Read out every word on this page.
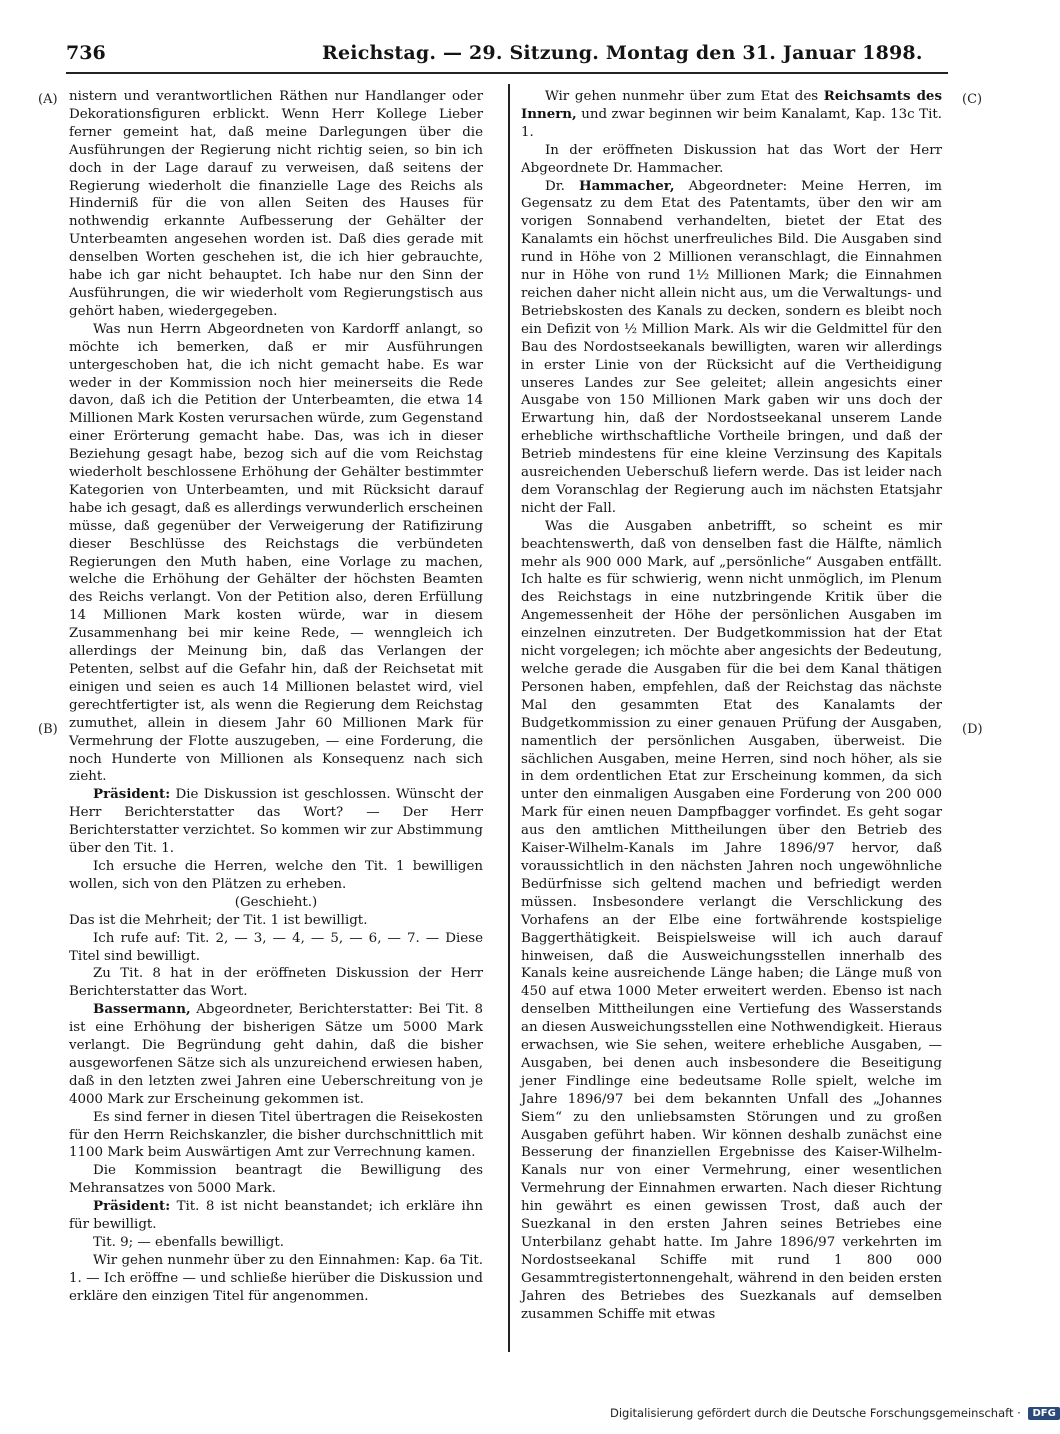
736	Reichstag. — 29. Sitzung. Montag den 31. Januar 1898.
(A)
(B)
(C)
(D)

nistern und verantwortlichen Räthen nur Handlanger oder Dekorationsfiguren erblickt. Wenn Herr Kollege Lieber ferner gemeint hat, daß meine Darlegungen über die Ausführungen der Regierung nicht richtig seien, so bin ich doch in der Lage darauf zu verweisen, daß seitens der Regierung wiederholt die finanzielle Lage des Reichs als Hinderniß für die von allen Seiten des Hauses für nothwendig erkannte Aufbesserung der Gehälter der Unterbeamten angesehen worden ist. Daß dies gerade mit denselben Worten geschehen ist, die ich hier gebrauchte, habe ich gar nicht behauptet. Ich habe nur den Sinn der Ausführungen, die wir wiederholt vom Regierungstisch aus gehört haben, wiedergegeben.

Was nun Herrn Abgeordneten von Kardorff anlangt, so möchte ich bemerken, daß er mir Ausführungen untergeschoben hat, die ich nicht gemacht habe. Es war weder in der Kommission noch hier meinerseits die Rede davon, daß ich die Petition der Unterbeamten, die etwa 14 Millionen Mark Kosten verursachen würde, zum Gegenstand einer Erörterung gemacht habe. Das, was ich in dieser Beziehung gesagt habe, bezog sich auf die vom Reichstag wiederholt beschlossene Erhöhung der Gehälter bestimmter Kategorien von Unterbeamten, und mit Rücksicht darauf habe ich gesagt, daß es allerdings verwunderlich erscheinen müsse, daß gegenüber der Verweigerung der Ratifizirung dieser Beschlüsse des Reichstags die verbündeten Regierungen den Muth haben, eine Vorlage zu machen, welche die Erhöhung der Gehälter der höchsten Beamten des Reichs verlangt. Von der Petition also, deren Erfüllung 14 Millionen Mark kosten würde, war in diesem Zusammenhang bei mir keine Rede, — wenngleich ich allerdings der Meinung bin, daß das Verlangen der Petenten, selbst auf die Gefahr hin, daß der Reichsetat mit einigen und seien es auch 14 Millionen belastet wird, viel gerechtfertigter ist, als wenn die Regierung dem Reichstag zumuthet, allein in diesem Jahr 60 Millionen Mark für Vermehrung der Flotte auszugeben, — eine Forderung, die noch Hunderte von Millionen als Konsequenz nach sich zieht.

Präsident: Die Diskussion ist geschlossen. Wünscht der Herr Berichterstatter das Wort? — Der Herr Berichterstatter verzichtet. So kommen wir zur Abstimmung über den Tit. 1.

Ich ersuche die Herren, welche den Tit. 1 bewilligen wollen, sich von den Plätzen zu erheben.

(Geschieht.)

Das ist die Mehrheit; der Tit. 1 ist bewilligt.

Ich rufe auf: Tit. 2, — 3, — 4, — 5, — 6, — 7. — Diese Titel sind bewilligt.

Zu Tit. 8 hat in der eröffneten Diskussion der Herr Berichterstatter das Wort.

Bassermann, Abgeordneter, Berichterstatter: Bei Tit. 8 ist eine Erhöhung der bisherigen Sätze um 5000 Mark verlangt. Die Begründung geht dahin, daß die bisher ausgeworfenen Sätze sich als unzureichend erwiesen haben, daß in den letzten zwei Jahren eine Ueberschreitung von je 4000 Mark zur Erscheinung gekommen ist.

Es sind ferner in diesen Titel übertragen die Reisekosten für den Herrn Reichskanzler, die bisher durchschnittlich mit 1100 Mark beim Auswärtigen Amt zur Verrechnung kamen.

Die Kommission beantragt die Bewilligung des Mehransatzes von 5000 Mark.

Präsident: Tit. 8 ist nicht beanstandet; ich erkläre ihn für bewilligt.

Tit. 9; — ebenfalls bewilligt.

Wir gehen nunmehr über zu den Einnahmen: Kap. 6a Tit. 1. — Ich eröffne — und schließe hierüber die Diskussion und erkläre den einzigen Titel für angenommen.

Wir gehen nunmehr über zum Etat des Reichsamts des Innern, und zwar beginnen wir beim Kanalamt, Kap. 13c Tit. 1.

In der eröffneten Diskussion hat das Wort der Herr Abgeordnete Dr. Hammacher.

Dr. Hammacher, Abgeordneter: Meine Herren, im Gegensatz zu dem Etat des Patentamts, über den wir am vorigen Sonnabend verhandelten, bietet der Etat des Kanalamts ein höchst unerfreuliches Bild. Die Ausgaben sind rund in Höhe von 2 Millionen veranschlagt, die Einnahmen nur in Höhe von rund 1½ Millionen Mark; die Einnahmen reichen daher nicht allein nicht aus, um die Verwaltungs- und Betriebskosten des Kanals zu decken, sondern es bleibt noch ein Defizit von ½ Million Mark. Als wir die Geldmittel für den Bau des Nordostseekanals bewilligten, waren wir allerdings in erster Linie von der Rücksicht auf die Vertheidigung unseres Landes zur See geleitet; allein angesichts einer Ausgabe von 150 Millionen Mark gaben wir uns doch der Erwartung hin, daß der Nordostseekanal unserem Lande erhebliche wirthschaftliche Vortheile bringen, und daß der Betrieb mindestens für eine kleine Verzinsung des Kapitals ausreichenden Ueberschuß liefern werde. Das ist leider nach dem Voranschlag der Regierung auch im nächsten Etatsjahr nicht der Fall.

Was die Ausgaben anbetrifft, so scheint es mir beachtenswerth, daß von denselben fast die Hälfte, nämlich mehr als 900 000 Mark, auf „persönliche“ Ausgaben entfällt. Ich halte es für schwierig, wenn nicht unmöglich, im Plenum des Reichstags in eine nutzbringende Kritik über die Angemessenheit der Höhe der persönlichen Ausgaben im einzelnen einzutreten. Der Budgetkommission hat der Etat nicht vorgelegen; ich möchte aber angesichts der Bedeutung, welche gerade die Ausgaben für die bei dem Kanal thätigen Personen haben, empfehlen, daß der Reichstag das nächste Mal den gesammten Etat des Kanalamts der Budgetkommission zu einer genauen Prüfung der Ausgaben, namentlich der persönlichen Ausgaben, überweist. Die sächlichen Ausgaben, meine Herren, sind noch höher, als sie in dem ordentlichen Etat zur Erscheinung kommen, da sich unter den einmaligen Ausgaben eine Forderung von 200 000 Mark für einen neuen Dampfbagger vorfindet. Es geht sogar aus den amtlichen Mittheilungen über den Betrieb des Kaiser-Wilhelm-Kanals im Jahre 1896/97 hervor, daß voraussichtlich in den nächsten Jahren noch ungewöhnliche Bedürfnisse sich geltend machen und befriedigt werden müssen. Insbesondere verlangt die Verschlickung des Vorhafens an der Elbe eine fortwährende kostspielige Baggerthätigkeit. Beispielsweise will ich auch darauf hinweisen, daß die Ausweichungsstellen innerhalb des Kanals keine ausreichende Länge haben; die Länge muß von 450 auf etwa 1000 Meter erweitert werden. Ebenso ist nach denselben Mittheilungen eine Vertiefung des Wasserstands an diesen Ausweichungsstellen eine Nothwendigkeit. Hieraus erwachsen, wie Sie sehen, weitere erhebliche Ausgaben, — Ausgaben, bei denen auch insbesondere die Beseitigung jener Findlinge eine bedeutsame Rolle spielt, welche im Jahre 1896/97 bei dem bekannten Unfall des „Johannes Siem“ zu den unliebsamsten Störungen und zu großen Ausgaben geführt haben. Wir können deshalb zunächst eine Besserung der finanziellen Ergebnisse des Kaiser-Wilhelm-Kanals nur von einer Vermehrung, einer wesentlichen Vermehrung der Einnahmen erwarten. Nach dieser Richtung hin gewährt es einen gewissen Trost, daß auch der Suezkanal in den ersten Jahren seines Betriebes eine Unterbilanz gehabt hatte. Im Jahre 1896/97 verkehrten im Nordostseekanal Schiffe mit rund 1 800 000 Gesammtregistertonnengehalt, während in den beiden ersten Jahren des Betriebes des Suezkanals auf demselben zusammen Schiffe mit etwas

Digitalisierung gefördert durch die Deutsche Forschungsgemeinschaft · DFG
